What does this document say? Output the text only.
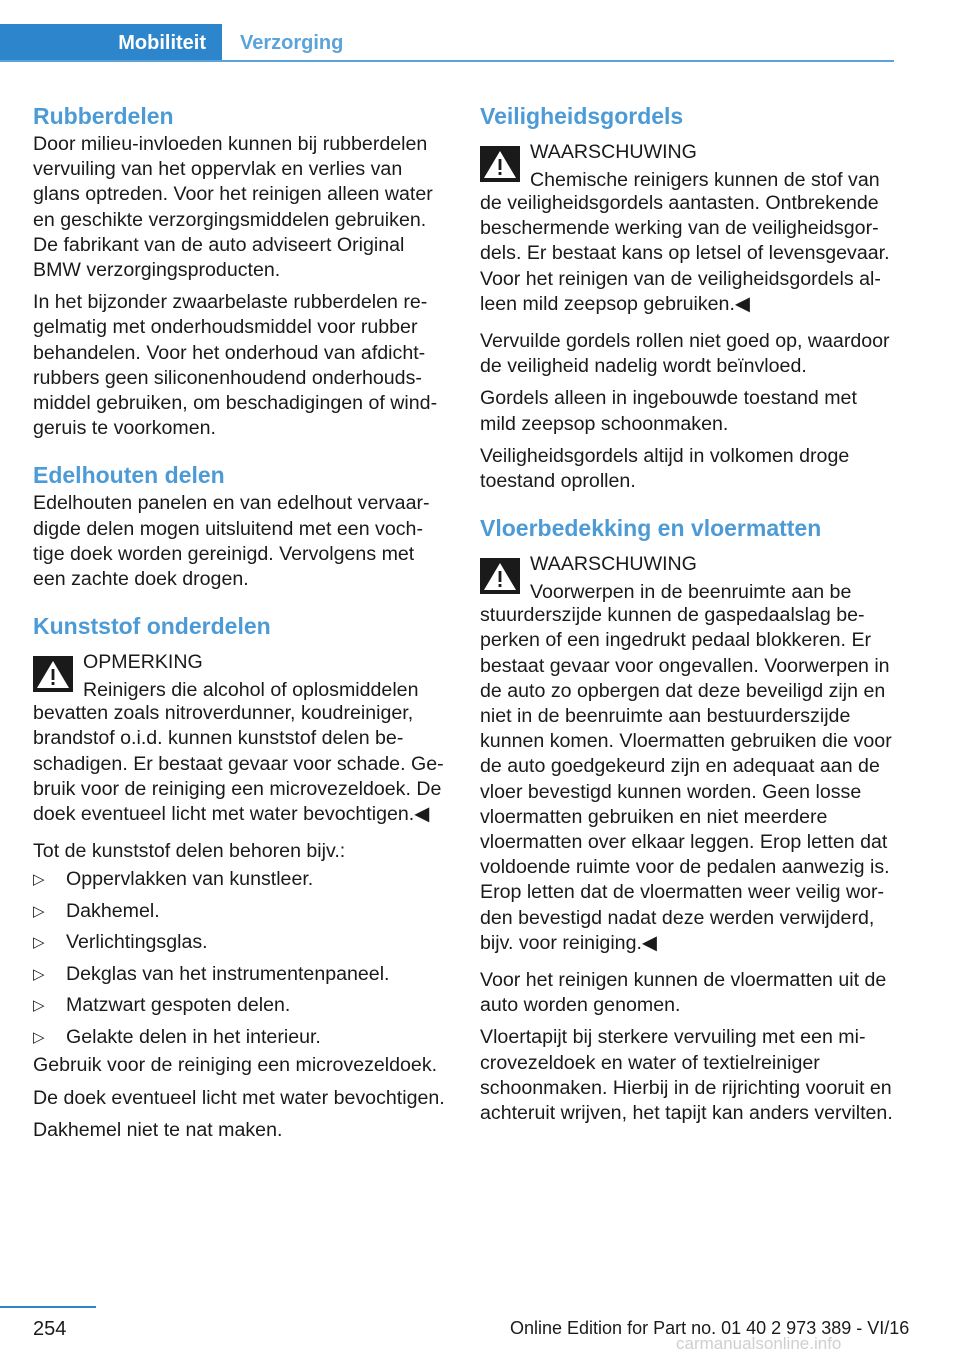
Mobiliteit	Verzorging
Rubberdelen

Door milieu-invloeden kunnen bij rubberdelen vervuiling van het oppervlak en verlies van glans optreden. Voor het reinigen alleen water en geschikte verzorgingsmiddelen gebruiken. De fabrikant van de auto adviseert Original BMW verzorgingsproducten.

In het bijzonder zwaarbelaste rubberdelen regelmatig met onderhoudsmiddel voor rubber behandelen. Voor het onderhoud van afdichtrubbers geen siliconenhoudend onderhoudsmiddel gebruiken, om beschadigingen of windgeruis te voorkomen.

Edelhouten delen

Edelhouten panelen en van edelhout vervaardigde delen mogen uitsluitend met een vochtige doek worden gereinigd. Vervolgens met een zachte doek drogen.

Kunststof onderdelen
OPMERKING
Reinigers die alcohol of oplosmiddelen

bevatten zoals nitroverdunner, koudreiniger, brandstof o.i.d. kunnen kunststof delen beschadigen. Er bestaat gevaar voor schade. Gebruik voor de reiniging een microvezeldoek. De doek eventueel licht met water bevochtigen.◀

Tot de kunststof delen behoren bijv.:

▷ Oppervlakken van kunstleer.
▷ Dakhemel.
▷ Verlichtingsglas.
▷ Dekglas van het instrumentenpaneel.
▷ Matzwart gespoten delen.
▷ Gelakte delen in het interieur.

Gebruik voor de reiniging een microvezeldoek.

De doek eventueel licht met water bevochtigen.

Dakhemel niet te nat maken.

Veiligheidsgordels
WAARSCHUWING
Chemische reinigers kunnen de stof van

de veiligheidsgordels aantasten. Ontbrekende beschermende werking van de veiligheidsgordels. Er bestaat kans op letsel of levensgevaar. Voor het reinigen van de veiligheidsgordels alleen mild zeepsop gebruiken.◀

Vervuilde gordels rollen niet goed op, waardoor de veiligheid nadelig wordt beïnvloed.

Gordels alleen in ingebouwde toestand met mild zeepsop schoonmaken.

Veiligheidsgordels altijd in volkomen droge toestand oprollen.

Vloerbedekking en vloermatten
WAARSCHUWING
Voorwerpen in de beenruimte aan be

stuurderszijde kunnen de gaspedaalslag beperken of een ingedrukt pedaal blokkeren. Er bestaat gevaar voor ongevallen. Voorwerpen in de auto zo opbergen dat deze beveiligd zijn en niet in de beenruimte aan bestuurderszijde kunnen komen. Vloermatten gebruiken die voor de auto goedgekeurd zijn en adequaat aan de vloer bevestigd kunnen worden. Geen losse vloermatten gebruiken en niet meerdere vloermatten over elkaar leggen. Erop letten dat voldoende ruimte voor de pedalen aanwezig is. Erop letten dat de vloermatten weer veilig worden bevestigd nadat deze werden verwijderd, bijv. voor reiniging.◀

Voor het reinigen kunnen de vloermatten uit de auto worden genomen.

Vloertapijt bij sterkere vervuiling met een microvezeldoek en water of textielreiniger schoonmaken. Hierbij in de rijrichting vooruit en achteruit wrijven, het tapijt kan anders vervilten.

254	Online Edition for Part no. 01 40 2 973 389 - VI/16
carmanualsonline.info
